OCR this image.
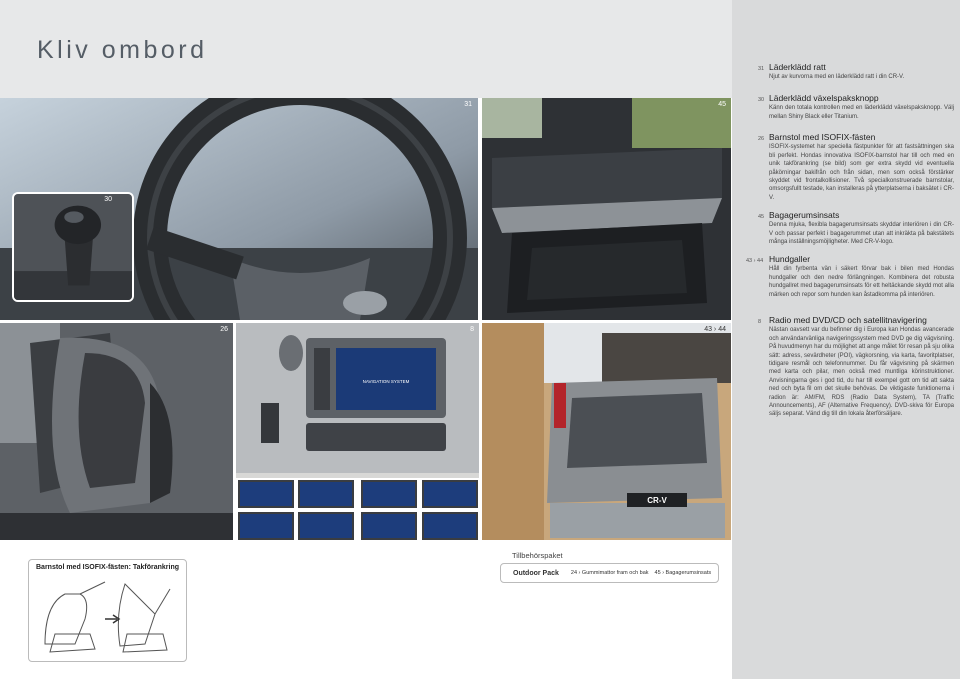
Kliv ombord
31
30
45
26
NAVIGATION SYSTEM
8
CR-V
43 › 44
31 Läderklädd ratt
Njut av kurvorna med en läderklädd ratt i din CR-V.
30 Läderklädd växelspaksknopp
Känn den totala kontrollen med en läderklädd växelspaksknopp. Välj mellan Shiny Black eller Titanium.
26 Barnstol med ISOFIX-fästen
ISOFIX-systemet har speciella fästpunkter för att fastsättningen ska bli perfekt. Hondas innovativa ISOFIX-barnstol har till och med en unik takförankring (se bild) som ger extra skydd vid eventuella påkörningar bakifrån och från sidan, men som också förstärker skyddet vid frontalkollisioner. Två specialkonstruerade barnstolar, omsorgsfullt testade, kan installeras på ytterplatserna i baksätet i CR-V.
45 Bagagerumsinsats
Denna mjuka, flexibla bagagerumsinsats skyddar interiören i din CR-V och passar perfekt i bagagerummet utan att inkräkta på bakstätets många inställningsmöjligheter. Med CR-V-logo.
43 › 44 Hundgaller
Håll din fyrbenta vän i säkert förvar bak i bilen med Hondas hundgaller och den nedre förlängningen. Kombinera det robusta hundgallret med bagagerumsinsats för ett heltäckande skydd mot alla märken och repor som hunden kan åstadkomma på interiören.
8 Radio med DVD/CD och satellitnavigering
Nästan oavsett var du befinner dig i Europa kan Hondas avancerade och användarvänliga navigeringssystem med DVD ge dig vägvisning. På huvudmenyn har du möjlighet att ange målet för resan på sju olika sätt: adress, sevärdheter (POI), vägkorsning, via karta, favoritplatser, tidigare resmål och telefonnummer. Du får vägvisning på skärmen med karta och pilar, men också med muntliga körinstruktioner. Anvisningarna ges i god tid, du har till exempel gott om tid att sakta ned och byta fil om det skulle behövas. De viktigaste funktionerna i radion är: AM/FM, RDS (Radio Data System), TA (Traffic Announcements), AF (Alternative Frequency). DVD-skiva för Europa säljs separat. Vänd dig till din lokala återförsäljare.
Barnstol med ISOFIX-fästen: Takförankring
Tillbehörspaket
Outdoor Pack	24 › Gummimattor fram och bak	45 › Bagagerumsinsats
